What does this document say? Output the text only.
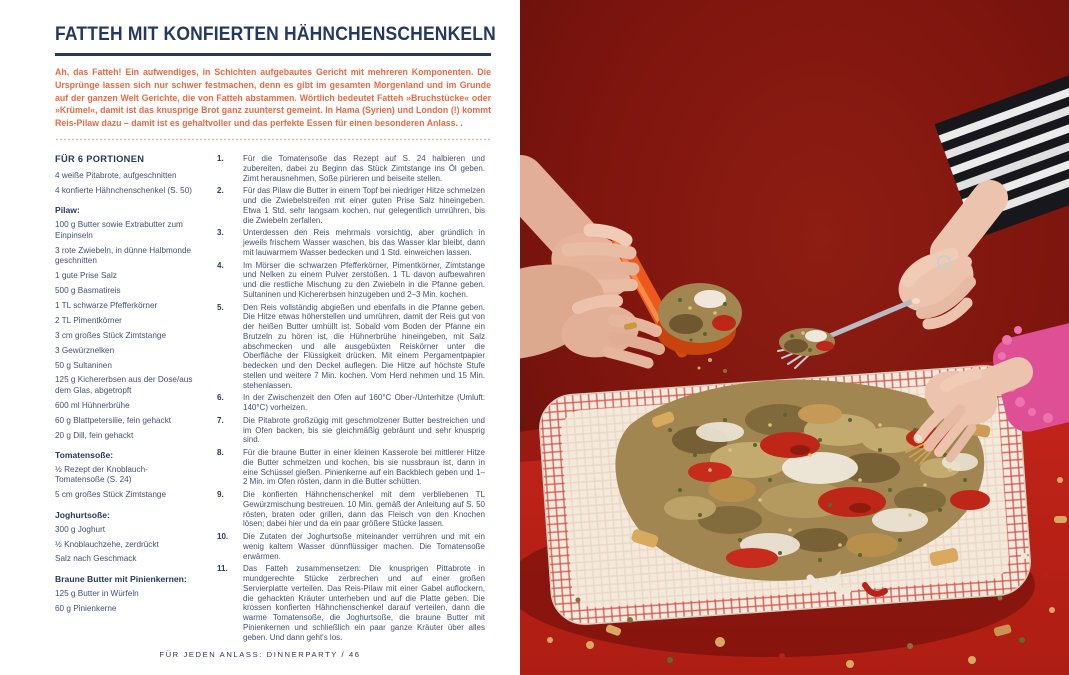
FATTEH MIT KONFIERTEN HÄHNCHENSCHENKELN

Ah, das Fatteh! Ein aufwendiges, in Schichten aufgebautes Gericht mit mehreren Komponenten. Die Ursprünge lassen sich nur schwer festmachen, denn es gibt im gesamten Morgenland und im Grunde auf der ganzen Welt Gerichte, die von Fatteh abstammen. Wörtlich bedeutet Fatteh »Bruchstücke« oder »Krümel«, damit ist das knusprige Brot ganz zuunterst gemeint. In Hama (Syrien) und London (!) kommt Reis-Pilaw dazu – damit ist es gehaltvoller und das perfekte Essen für einen besonderen Anlass. .

FÜR 6 PORTIONEN

4 weiße Pitabrote, aufgeschnitten

4 konfierte Hähnchenschenkel (S. 50)

Pilaw:

100 g Butter sowie Extrabutter zum Einpinseln

3 rote Zwiebeln, in dünne Halbmonde geschnitten

1 gute Prise Salz

500 g Basmatireis

1 TL schwarze Pfefferkörner

2 TL Pimentkörner

3 cm großes Stück Zimtstange

3 Gewürznelken

50 g Sultaninen

125 g Kichererbsen aus der Dose/aus dem Glas, abgetropft

600 ml Hühnerbrühe

60 g Blattpetersilie, fein gehackt

20 g Dill, fein gehackt

Tomatensoße:

½ Rezept der Knoblauch-Tomatensoße (S. 24)

5 cm großes Stück Zimtstange

Joghurtsoße:

300 g Joghurt

½ Knoblauchzehe, zerdrückt

Salz nach Geschmack

Braune Butter mit Pinienkernen:

125 g Butter in Würfeln

60 g Pinienkerne

1.	Für die Tomatensoße das Rezept auf S. 24 halbieren und zubereiten, dabei zu Beginn das Stück Zimtstange ins Öl geben. Zimt herausnehmen, Soße pürieren und beiseite stellen.
2.	Für das Pilaw die Butter in einem Topf bei niedriger Hitze schmelzen und die Zwiebelstreifen mit einer guten Prise Salz hineingeben. Etwa 1 Std. sehr langsam kochen, nur gelegentlich umrühren, bis die Zwiebeln zerfallen.
3.	Unterdessen den Reis mehrmals vorsichtig, aber gründlich in jeweils frischem Wasser waschen, bis das Wasser klar bleibt, dann mit lauwarmem Wasser bedecken und 1 Std. einweichen lassen.
4.	Im Mörser die schwarzen Pfefferkörner, Pimentkörner, Zimtstange und Nelken zu einem Pulver zerstoßen. 1 TL davon aufbewahren und die restliche Mischung zu den Zwiebeln in die Pfanne geben. Sultaninen und Kichererbsen hinzugeben und 2–3 Min. kochen.
5.	Den Reis vollständig abgießen und ebenfalls in die Pfanne geben. Die Hitze etwas höherstellen und umrühren, damit der Reis gut von der heißen Butter umhüllt ist. Sobald vom Boden der Pfanne ein Brutzeln zu hören ist, die Hühnerbrühe hineingeben, mit Salz abschmecken und alle ausgebüxten Reiskörner unter die Oberfläche der Flüssigkeit drücken. Mit einem Pergamentpapier bedecken und den Deckel auflegen. Die Hitze auf höchste Stufe stellen und weitere 7 Min. kochen. Vom Herd nehmen und 15 Min. stehenlassen.
6.	In der Zwischenzeit den Ofen auf 160°C Ober-/Unterhitze (Umluft: 140°C) vorheizen.
7.	Die Pitabrote großzügig mit geschmolzener Butter bestreichen und im Ofen backen, bis sie gleichmäßig gebräunt und sehr knusprig sind.
8.	Für die braune Butter in einer kleinen Kasserole bei mittlerer Hitze die Butter schmelzen und kochen, bis sie nussbraun ist, dann in eine Schüssel gießen. Pinienkerne auf ein Backblech geben und 1–2 Min. im Ofen rösten, dann in die Butter schütten.
9.	Die konfierten Hähnchenschenkel mit dem verbliebenen TL Gewürzmischung bestreuen. 10 Min. gemäß der Anleitung auf S. 50 rösten, braten oder grillen, dann das Fleisch von den Knochen lösen; dabei hier und da ein paar größere Stücke lassen.
10.	Die Zutaten der Joghurtsoße miteinander verrühren und mit ein wenig kaltem Wasser dünnflüssiger machen. Die Tomatensoße erwärmen.
11.	Das Fatteh zusammensetzen: Die knusprigen Pittabrote in mundgerechte Stücke zerbrechen und auf einer großen Servierplatte verteilen. Das Reis-Pilaw mit einer Gabel auflockern, die gehackten Kräuter unterheben und auf die Platte geben. Die krossen konfierten Hähnchenschenkel darauf verteilen, dann die warme Tomatensoße, die Joghurtsoße, die braune Butter mit Pinienkernen und schließlich ein paar ganze Kräuter über alles geben. Und dann geht's los.
FÜR JEDEN ANLASS: DINNERPARTY / 46
